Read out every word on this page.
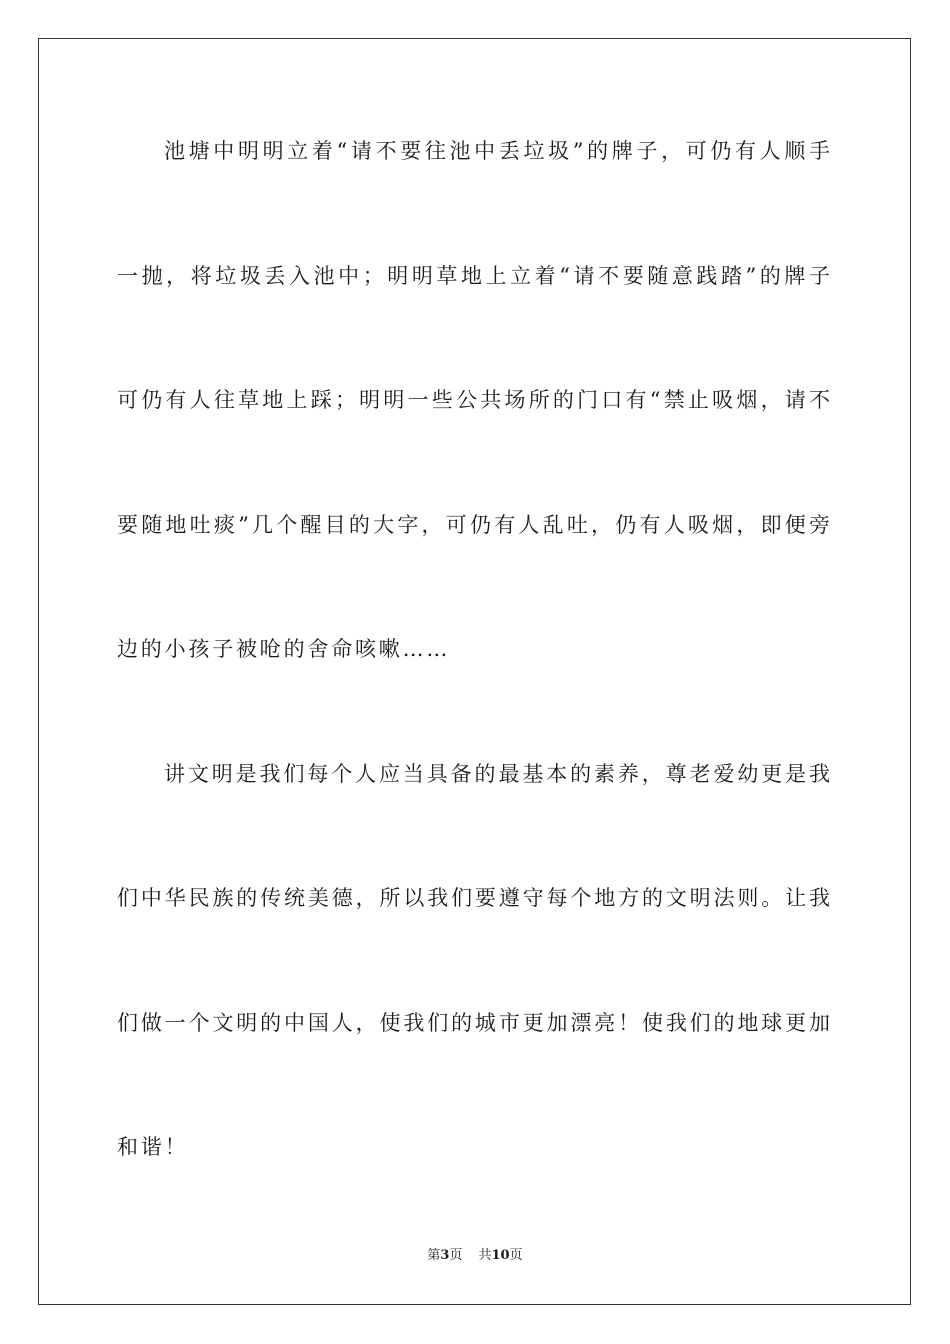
池塘中明明立着“请不要往池中丢垃圾”的牌子，可仍有人顺手
一抛，将垃圾丢入池中；明明草地上立着“请不要随意践踏”的牌子
可仍有人往草地上踩；明明一些公共场所的门口有“禁止吸烟，请不
要随地吐痰”几个醒目的大字，可仍有人乱吐，仍有人吸烟，即便旁
边的小孩子被呛的舍命咳嗽……
讲文明是我们每个人应当具备的最基本的素养，尊老爱幼更是我
们中华民族的传统美德，所以我们要遵守每个地方的文明法则。让我
们做一个文明的中国人，使我们的城市更加漂亮！使我们的地球更加
和谐！
第3页 共10页
